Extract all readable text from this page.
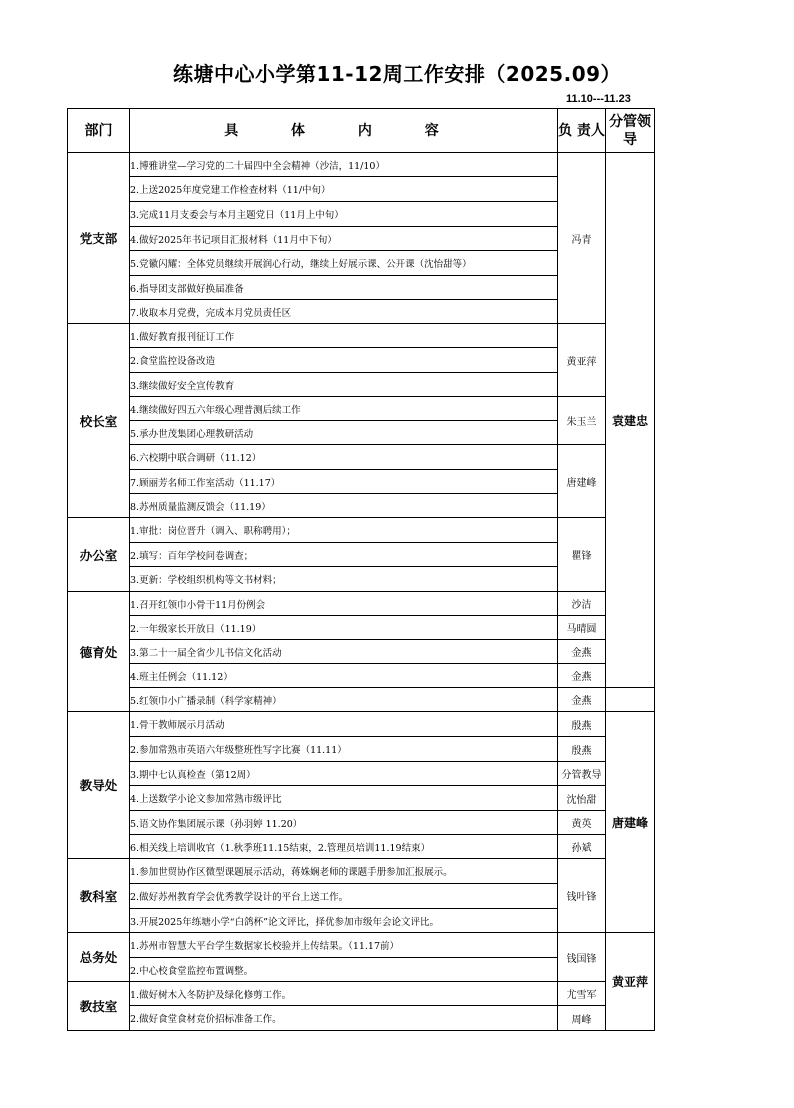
练塘中心小学第11-12周工作安排（2025.09）
11.10---11.23
部门	具 体 内 容	负 责人	分管领导	
党支部	1.博雅讲堂—学习党的二十届四中全会精神（沙洁，11/10）	冯青	袁建忠	
	2.上送2025年度党建工作检查材料（11/中旬）			
	3.完成11月支委会与本月主题党日（11月上中旬）			
	4.做好2025年书记项目汇报材料（11月中下旬）			
	5.党徽闪耀：全体党员继续开展润心行动，继续上好展示课、公开课（沈怡甜等）			
	6.指导团支部做好换届准备			
	7.收取本月党费，完成本月党员责任区			
校长室	1.做好教育报刊征订工作	黄亚萍		
	2.食堂监控设备改造			
	3.继续做好安全宣传教育			
	4.继续做好四五六年级心理普测后续工作	朱玉兰		
	5.承办世茂集团心理教研活动			
	6.六校期中联合调研（11.12）	唐建峰		
	7.顾丽芳名师工作室活动（11.17）			
	8.苏州质量监测反馈会（11.19）			
办公室	1.审批：岗位晋升（调入、职称聘用）；	瞿锋		
	2.填写：百年学校问卷调查；			
	3.更新：学校组织机构等文书材料；			
德育处	1.召开红领巾小骨干11月份例会	沙洁	
	2.一年级家长开放日（11.19）	马晴圆		
	3.第二十一届全省少儿书信文化活动	金燕		
	4.班主任例会（11.12）	金燕		
	5.红领巾小广播录制（科学家精神）	金燕		
教导处	1.骨干教师展示月活动	殷燕	唐建峰	
	2.参加常熟市英语六年级整班性写字比赛（11.11）	殷燕		
	3.期中七认真检查（第12周）	分管教导		
	4.上送数学小论文参加常熟市级评比	沈怡甜		
	5.语文协作集团展示课（孙羽婷 11.20）	黄英		
	6.相关线上培训收官（1.秋季班11.15结束，2.管理员培训11.19结束）	孙斌		
教科室	1.参加世贸协作区微型课题展示活动，蒋姝娴老师的课题手册参加汇报展示。	钱叶锋		
	2.做好苏州教育学会优秀教学设计的平台上送工作。			
	3.开展2025年练塘小学“白鸽杯”论文评比，择优参加市级年会论文评比。			
总务处	1.苏州市智慧大平台学生数据家长校验并上传结果。（11.17前）	钱国锋	黄亚萍	
	2.中心校食堂监控布置调整。			
教技室	1.做好树木入冬防护及绿化修剪工作。	尤雪军		
	2.做好食堂食材竞价招标准备工作。	周峰		
